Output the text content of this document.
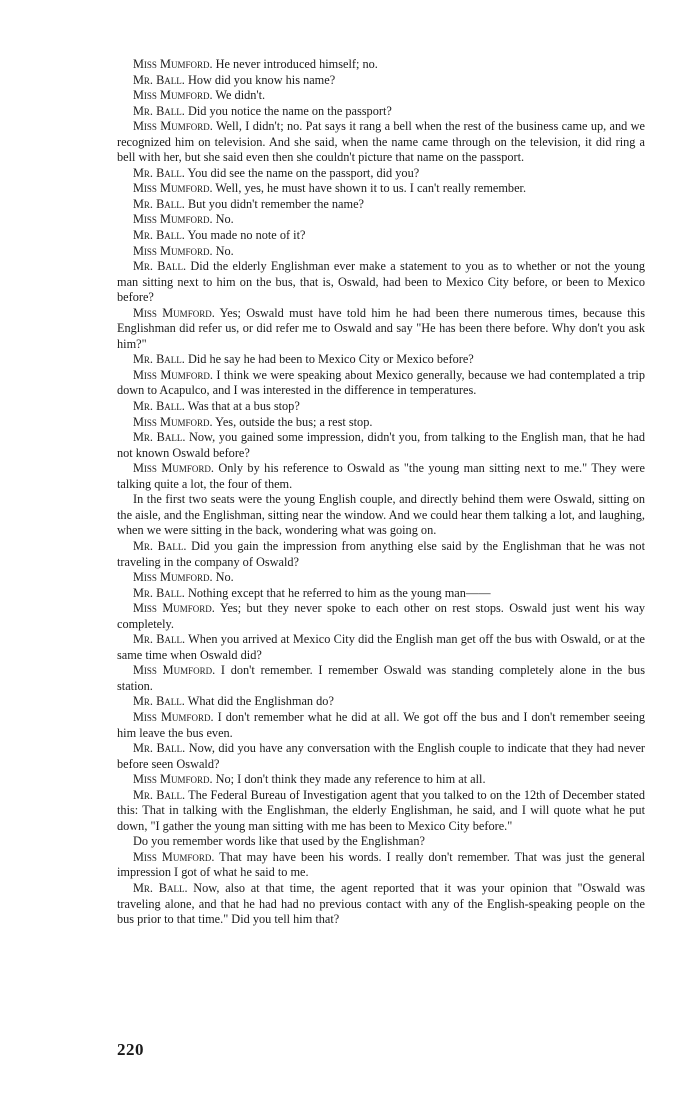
Miss Mumford . He never introduced himself; no.

Mr. Ball . How did you know his name?

Miss Mumford . We didn't.

Mr. Ball . Did you notice the name on the passport?

Miss Mumford . Well, I didn't; no. Pat says it rang a bell when the rest of the business came up, and we recognized him on television. And she said, when the name came through on the television, it did ring a bell with her, but she said even then she couldn't picture that name on the passport.

Mr. Ball . You did see the name on the passport, did you?

Miss Mumford . Well, yes, he must have shown it to us. I can't really remember.

Mr. Ball . But you didn't remember the name?

Miss Mumford . No.

Mr. Ball . You made no note of it?

Miss Mumford . No.

Mr. Ball . Did the elderly Englishman ever make a statement to you as to whether or not the young man sitting next to him on the bus, that is, Oswald, had been to Mexico City before, or been to Mexico before?

Miss Mumford . Yes; Oswald must have told him he had been there numerous times, because this Englishman did refer us, or did refer me to Oswald and say "He has been there before. Why don't you ask him?"

Mr. Ball . Did he say he had been to Mexico City or Mexico before?

Miss Mumford . I think we were speaking about Mexico generally, because we had contemplated a trip down to Acapulco, and I was interested in the difference in temperatures.

Mr. Ball . Was that at a bus stop?

Miss Mumford . Yes, outside the bus; a rest stop.

Mr. Ball . Now, you gained some impression, didn't you, from talking to the English man, that he had not known Oswald before?

Miss Mumford . Only by his reference to Oswald as "the young man sitting next to me." They were talking quite a lot, the four of them.

In the first two seats were the young English couple, and directly behind them were Oswald, sitting on the aisle, and the Englishman, sitting near the window. And we could hear them talking a lot, and laughing, when we were sitting in the back, wondering what was going on.

Mr. Ball . Did you gain the impression from anything else said by the Englishman that he was not traveling in the company of Oswald?

Miss Mumford . No.

Mr. Ball . Nothing except that he referred to him as the young man——

Miss Mumford . Yes; but they never spoke to each other on rest stops. Oswald just went his way completely.

Mr. Ball . When you arrived at Mexico City did the English man get off the bus with Oswald, or at the same time when Oswald did?

Miss Mumford . I don't remember. I remember Oswald was standing completely alone in the bus station.

Mr. Ball . What did the Englishman do?

Miss Mumford . I don't remember what he did at all. We got off the bus and I don't remember seeing him leave the bus even.

Mr. Ball . Now, did you have any conversation with the English couple to indicate that they had never before seen Oswald?

Miss Mumford . No; I don't think they made any reference to him at all.

Mr. Ball . The Federal Bureau of Investigation agent that you talked to on the 12th of December stated this: That in talking with the Englishman, the elderly Englishman, he said, and I will quote what he put down, "I gather the young man sitting with me has been to Mexico City before."

Do you remember words like that used by the Englishman?

Miss Mumford . That may have been his words. I really don't remember. That was just the general impression I got of what he said to me.

Mr. Ball . Now, also at that time, the agent reported that it was your opinion that "Oswald was traveling alone, and that he had had no previous contact with any of the English-speaking people on the bus prior to that time." Did you tell him that?

220
